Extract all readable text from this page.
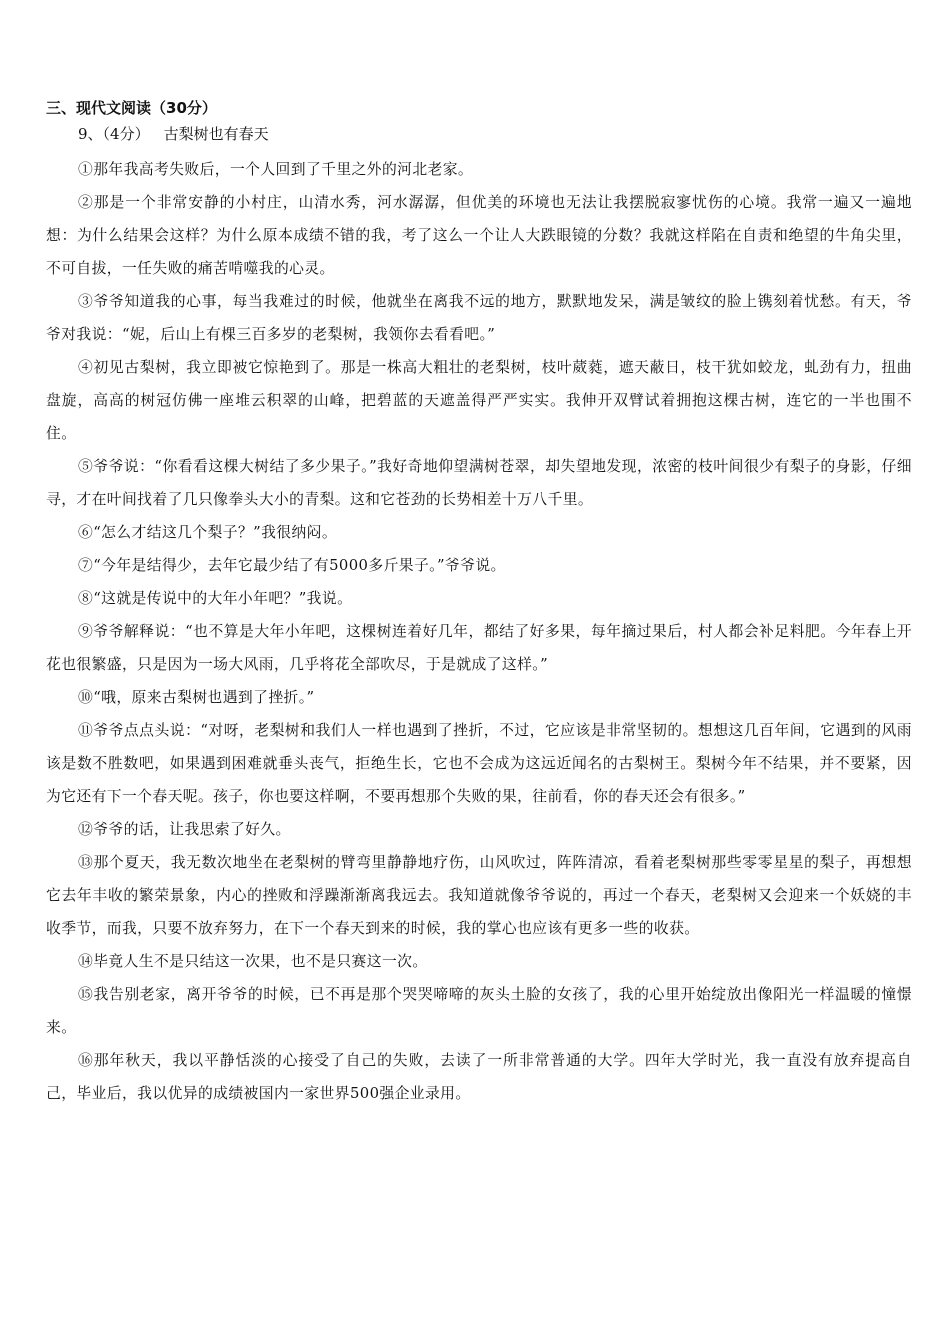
三、现代文阅读（30分）
9、（4分） 古梨树也有春天

①那年我高考失败后，一个人回到了千里之外的河北老家。

②那是一个非常安静的小村庄，山清水秀，河水潺潺，但优美的环境也无法让我摆脱寂寥忧伤的心境。我常一遍又一遍地想：为什么结果会这样？为什么原本成绩不错的我，考了这么一个让人大跌眼镜的分数？我就这样陷在自责和绝望的牛角尖里，不可自拔，一任失败的痛苦啃噬我的心灵。

③爷爷知道我的心事，每当我难过的时候，他就坐在离我不远的地方，默默地发呆，满是皱纹的脸上镌刻着忧愁。有天，爷爷对我说：“妮，后山上有棵三百多岁的老梨树，我领你去看看吧。”

④初见古梨树，我立即被它惊艳到了。那是一株高大粗壮的老梨树，枝叶葳蕤，遮天蔽日，枝干犹如蛟龙，虬劲有力，扭曲盘旋，高高的树冠仿佛一座堆云积翠的山峰，把碧蓝的天遮盖得严严实实。我伸开双臂试着拥抱这棵古树，连它的一半也围不住。

⑤爷爷说：“你看看这棵大树结了多少果子。”我好奇地仰望满树苍翠，却失望地发现，浓密的枝叶间很少有梨子的身影，仔细寻，才在叶间找着了几只像拳头大小的青梨。这和它苍劲的长势相差十万八千里。

⑥“怎么才结这几个梨子？”我很纳闷。

⑦“今年是结得少，去年它最少结了有5000多斤果子。”爷爷说。

⑧“这就是传说中的大年小年吧？”我说。

⑨爷爷解释说：“也不算是大年小年吧，这棵树连着好几年，都结了好多果，每年摘过果后，村人都会补足料肥。今年春上开花也很繁盛，只是因为一场大风雨，几乎将花全部吹尽，于是就成了这样。”

⑩“哦，原来古梨树也遇到了挫折。”

⑪爷爷点点头说：“对呀，老梨树和我们人一样也遇到了挫折，不过，它应该是非常坚韧的。想想这几百年间，它遇到的风雨该是数不胜数吧，如果遇到困难就垂头丧气，拒绝生长，它也不会成为这远近闻名的古梨树王。梨树今年不结果，并不要紧，因为它还有下一个春天呢。孩子，你也要这样啊，不要再想那个失败的果，往前看，你的春天还会有很多。”

⑫爷爷的话，让我思索了好久。

⑬那个夏天，我无数次地坐在老梨树的臂弯里静静地疗伤，山风吹过，阵阵清凉，看着老梨树那些零零星星的梨子，再想想它去年丰收的繁荣景象，内心的挫败和浮躁渐渐离我远去。我知道就像爷爷说的，再过一个春天，老梨树又会迎来一个妖娆的丰收季节，而我，只要不放弃努力，在下一个春天到来的时候，我的掌心也应该有更多一些的收获。

⑭毕竟人生不是只结这一次果，也不是只赛这一次。

⑮我告别老家，离开爷爷的时候，已不再是那个哭哭啼啼的灰头土脸的女孩了，我的心里开始绽放出像阳光一样温暖的憧憬来。

⑯那年秋天，我以平静恬淡的心接受了自己的失败，去读了一所非常普通的大学。四年大学时光，我一直没有放弃提高自己，毕业后，我以优异的成绩被国内一家世界500强企业录用。
